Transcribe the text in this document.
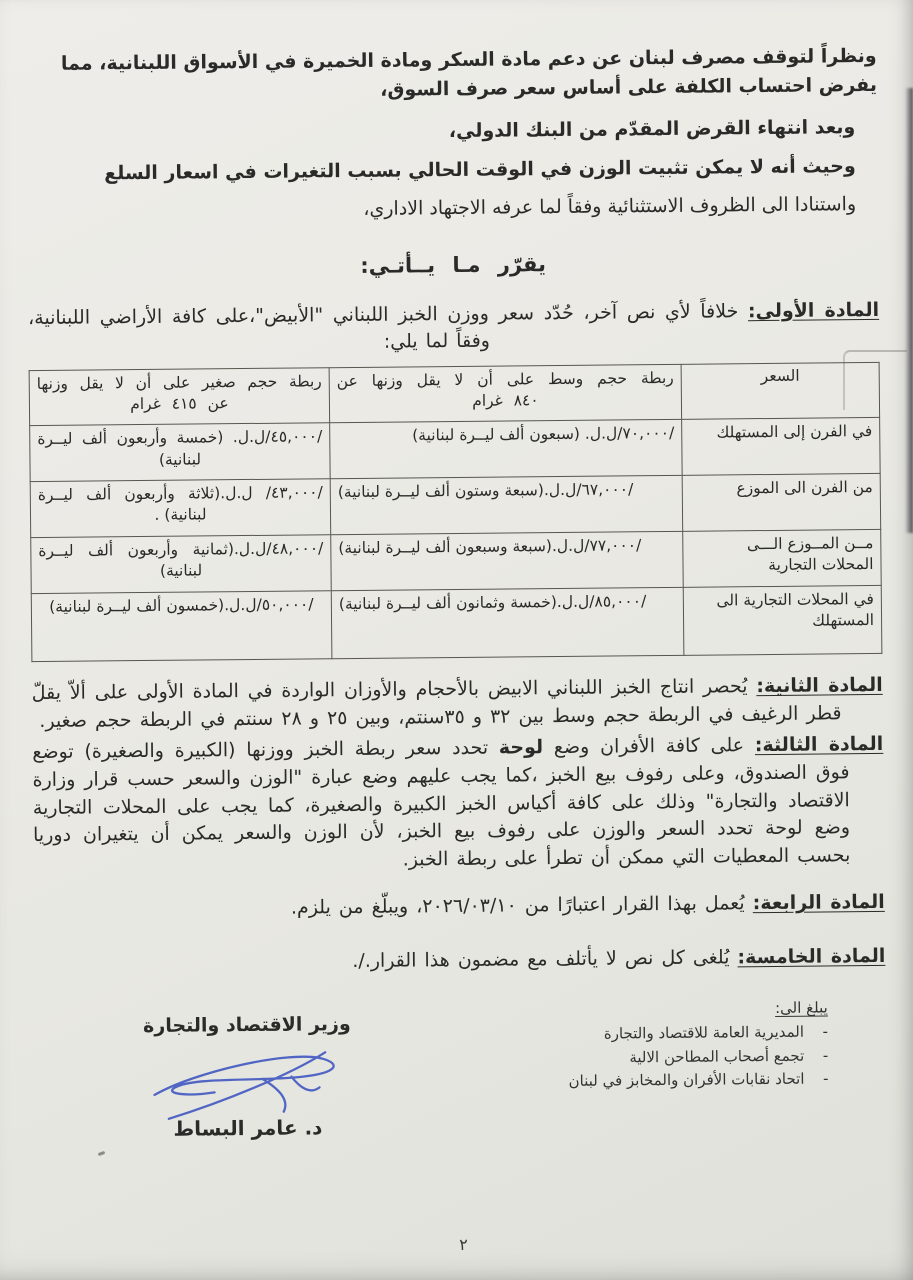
ونظراً لتوقف مصرف لبنان عن دعم مادة السكر ومادة الخميرة في الأسواق اللبنانية، مما يفرض احتساب الكلفة على أساس سعر صرف السوق،

وبعد انتهاء القرض المقدّم من البنك الدولي،

وحيث أنه لا يمكن تثبيت الوزن في الوقت الحالي بسبب التغيرات في اسعار السلع

واستنادا الى الظروف الاستثنائية وفقاً لما عرفه الاجتهاد الاداري،

يقرّر مـا يــأتـي:

المادة الأولى: خلافاً لأي نص آخر، حُدّد سعر ووزن الخبز اللبناني "الأبيض"،على كافة الأراضي اللبنانية، وفقاً لما يلي:

السعر	ربطة حجم وسط على أن لا يقل وزنها عن ٨٤٠ غرام	ربطة حجم صغير على أن لا يقل وزنها عن ٤١٥ غرام
في الفرن إلى المستهلك	/٧٠,٠٠٠/ل.ل. (سبعون ألف ليــرة لبنانية)	/٤٥,٠٠٠/ل.ل. (خمسة وأربعون ألف ليــرة لبنانية)
من الفرن الى الموزع	/٦٧,٠٠٠/ل.ل.(سبعة وستون ألف ليــرة لبنانية)	/٤٣,٠٠٠/ ل.ل.(ثلاثة وأربعون ألف ليــرة لبنانية) .
مــن المــوزع الـــى المحلات التجارية	/٧٧,٠٠٠/ل.ل.(سبعة وسبعون ألف ليــرة لبنانية)	/٤٨,٠٠٠/ل.ل.(ثمانية وأربعون ألف ليــرة لبنانية)
في المحلات التجارية الى المستهلك	/٨٥,٠٠٠/ل.ل.(خمسة وثمانون ألف ليــرة لبنانية)	/٥٠,٠٠٠/ل.ل.(خمسون ألف ليــرة لبنانية)

المادة الثانية: يُحصر انتاج الخبز اللبناني الابيض بالأحجام والأوزان الواردة في المادة الأولى على ألاّ يقلّ قطر الرغيف في الربطة حجم وسط بين ٣٢ و ٣٥سنتم، وبين ٢٥ و ٢٨ سنتم في الربطة حجم صغير.

المادة الثالثة: على كافة الأفران وضع لوحة تحدد سعر ربطة الخبز ووزنها (الكبيرة والصغيرة) توضع فوق الصندوق، وعلى رفوف بيع الخبز ،كما يجب عليهم وضع عبارة "الوزن والسعر حسب قرار وزارة الاقتصاد والتجارة" وذلك على كافة أكياس الخبز الكبيرة والصغيرة، كما يجب على المحلات التجارية وضع لوحة تحدد السعر والوزن على رفوف بيع الخبز، لأن الوزن والسعر يمكن أن يتغيران دوريا بحسب المعطيات التي ممكن أن تطرأ على ربطة الخبز.

المادة الرابعة: يُعمل بهذا القرار اعتبارًا من ٢٠٢٦/٠٣/١٠، ويبلّغ من يلزم.

المادة الخامسة: يُلغى كل نص لا يأتلف مع مضمون هذا القرار./.

يبلغ الى:
-
المديرية العامة للاقتصاد والتجارة
-
تجمع أصحاب المطاحن الالية
-
اتحاد نقابات الأفران والمخابز في لبنان
وزير الاقتصاد والتجارة
د. عامر البساط
٢
